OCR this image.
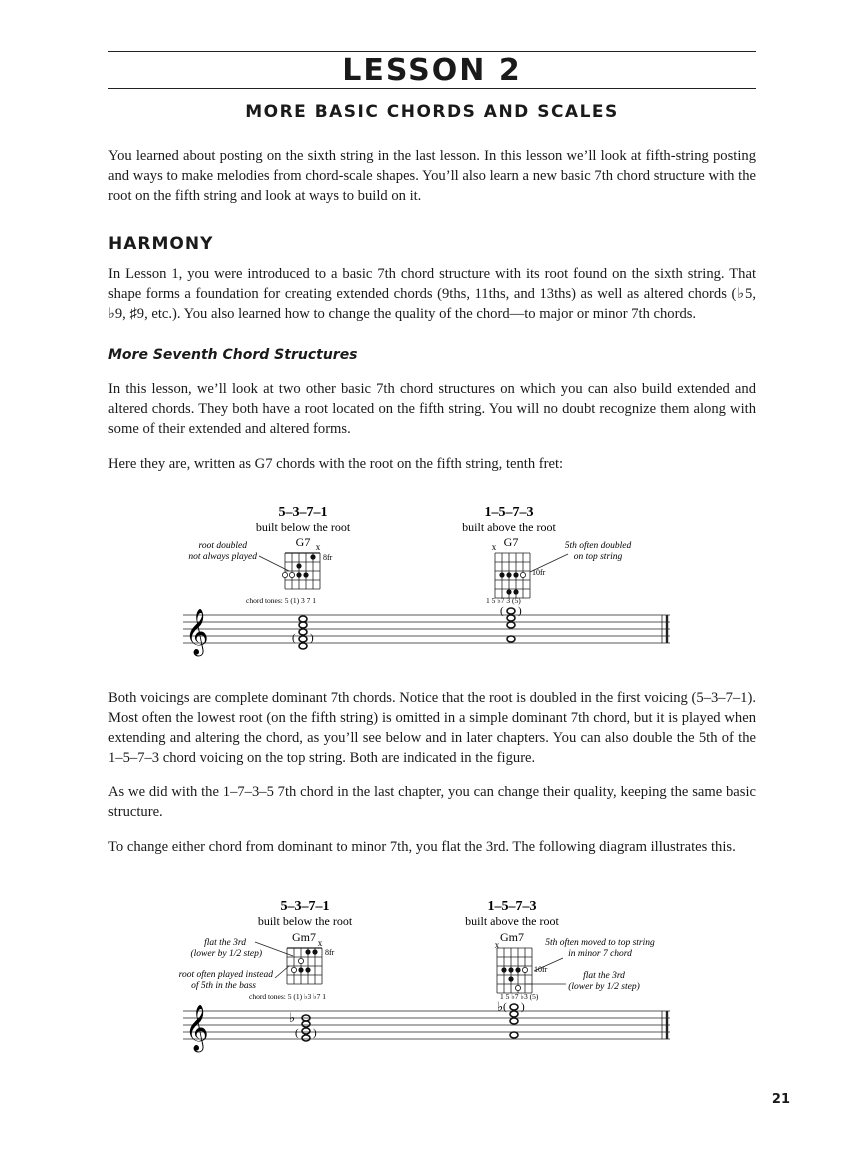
LESSON 2
MORE BASIC CHORDS AND SCALES

You learned about posting on the sixth string in the last lesson. In this lesson we’ll look at fifth-string posting and ways to make melodies from chord-scale shapes. You’ll also learn a new basic 7th chord structure with the root on the fifth string and look at ways to build on it.

HARMONY

In Lesson 1, you were introduced to a basic 7th chord structure with its root found on the sixth string. That shape forms a foundation for creating extended chords (9ths, 11ths, and 13ths) as well as altered chords (♭5, ♭9, ♯9, etc.). You also learned how to change the quality of the chord—to major or minor 7th chords.

More Seventh Chord Structures

In this lesson, we’ll look at two other basic 7th chord structures on which you can also build extended and altered chords. They both have a root located on the fifth string. You will no doubt recognize them along with some of their extended and altered forms.

Here they are, written as G7 chords with the root on the fifth string, tenth fret:

5–3–7–1
built below the root
G7 x
root doubled
not always played	8fr
chord tones: 5 (1) 3 7 1
1–5–7–3
built above the root
G7
x	5th often doubled
on top string
10fr
1 5 ♭7 3 (5)
𝄞	( )
( )

Both voicings are complete dominant 7th chords. Notice that the root is doubled in the first voicing (5–3–7–1). Most often the lowest root (on the fifth string) is omitted in a simple dominant 7th chord, but it is played when extending and altering the chord, as you’ll see below and in later chapters. You can also double the 5th of the 1–5–7–3 chord voicing on the top string. Both are indicated in the figure.

As we did with the 1–7–3–5 7th chord in the last chapter, you can change their quality, keeping the same basic structure.

To change either chord from dominant to minor 7th, you flat the 3rd. The following diagram illustrates this.

5–3–7–1
built below the root
Gm7 x
flat the 3rd
(lower by 1/2 step)
root often played instead
of 5th in the bass
8fr
chord tones: 5 (1) ♭3 ♭7 1
1–5–7–3
built above the root
Gm7
x	5th often moved to top string
in minor 7 chord
flat the 3rd
(lower by 1/2 step)
10fr
1 5 ♭7 ♭3 (5)
𝄞	♭
( )
♭ ( )
21
